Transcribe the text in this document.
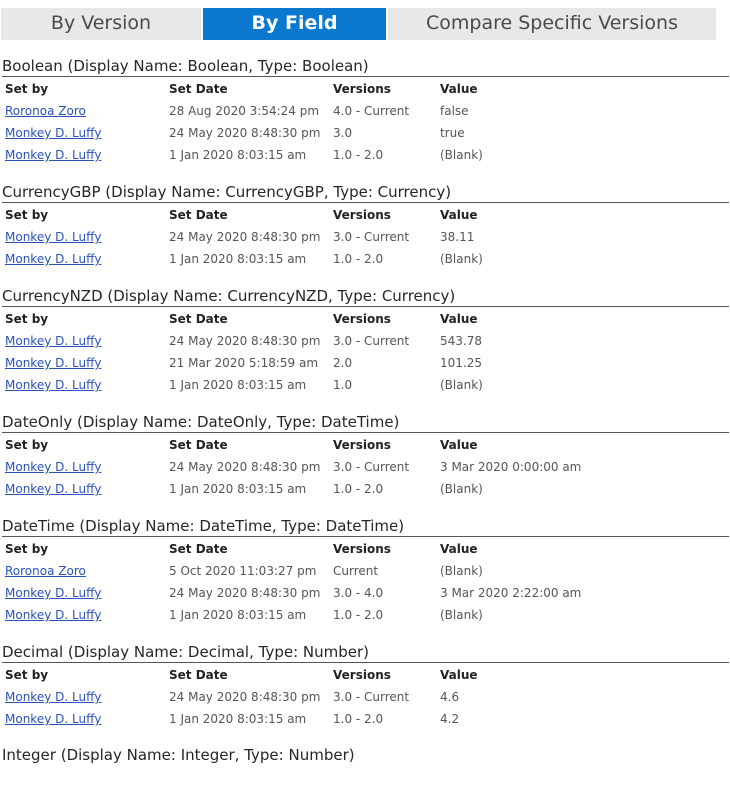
By Version	By Field	Compare Specific Versions
Boolean (Display Name: Boolean, Type: Boolean)
Set by	Set Date	Versions	Value
Roronoa Zoro	28 Aug 2020 3:54:24 pm	4.0 - Current	false
Monkey D. Luffy	24 May 2020 8:48:30 pm	3.0	true
Monkey D. Luffy	1 Jan 2020 8:03:15 am	1.0 - 2.0	(Blank)
CurrencyGBP (Display Name: CurrencyGBP, Type: Currency)
Set by	Set Date	Versions	Value
Monkey D. Luffy	24 May 2020 8:48:30 pm	3.0 - Current	38.11
Monkey D. Luffy	1 Jan 2020 8:03:15 am	1.0 - 2.0	(Blank)
CurrencyNZD (Display Name: CurrencyNZD, Type: Currency)
Set by	Set Date	Versions	Value
Monkey D. Luffy	24 May 2020 8:48:30 pm	3.0 - Current	543.78
Monkey D. Luffy	21 Mar 2020 5:18:59 am	2.0	101.25
Monkey D. Luffy	1 Jan 2020 8:03:15 am	1.0	(Blank)
DateOnly (Display Name: DateOnly, Type: DateTime)
Set by	Set Date	Versions	Value
Monkey D. Luffy	24 May 2020 8:48:30 pm	3.0 - Current	3 Mar 2020 0:00:00 am
Monkey D. Luffy	1 Jan 2020 8:03:15 am	1.0 - 2.0	(Blank)
DateTime (Display Name: DateTime, Type: DateTime)
Set by	Set Date	Versions	Value
Roronoa Zoro	5 Oct 2020 11:03:27 pm	Current	(Blank)
Monkey D. Luffy	24 May 2020 8:48:30 pm	3.0 - 4.0	3 Mar 2020 2:22:00 am
Monkey D. Luffy	1 Jan 2020 8:03:15 am	1.0 - 2.0	(Blank)
Decimal (Display Name: Decimal, Type: Number)
Set by	Set Date	Versions	Value
Monkey D. Luffy	24 May 2020 8:48:30 pm	3.0 - Current	4.6
Monkey D. Luffy	1 Jan 2020 8:03:15 am	1.0 - 2.0	4.2
Integer (Display Name: Integer, Type: Number)
